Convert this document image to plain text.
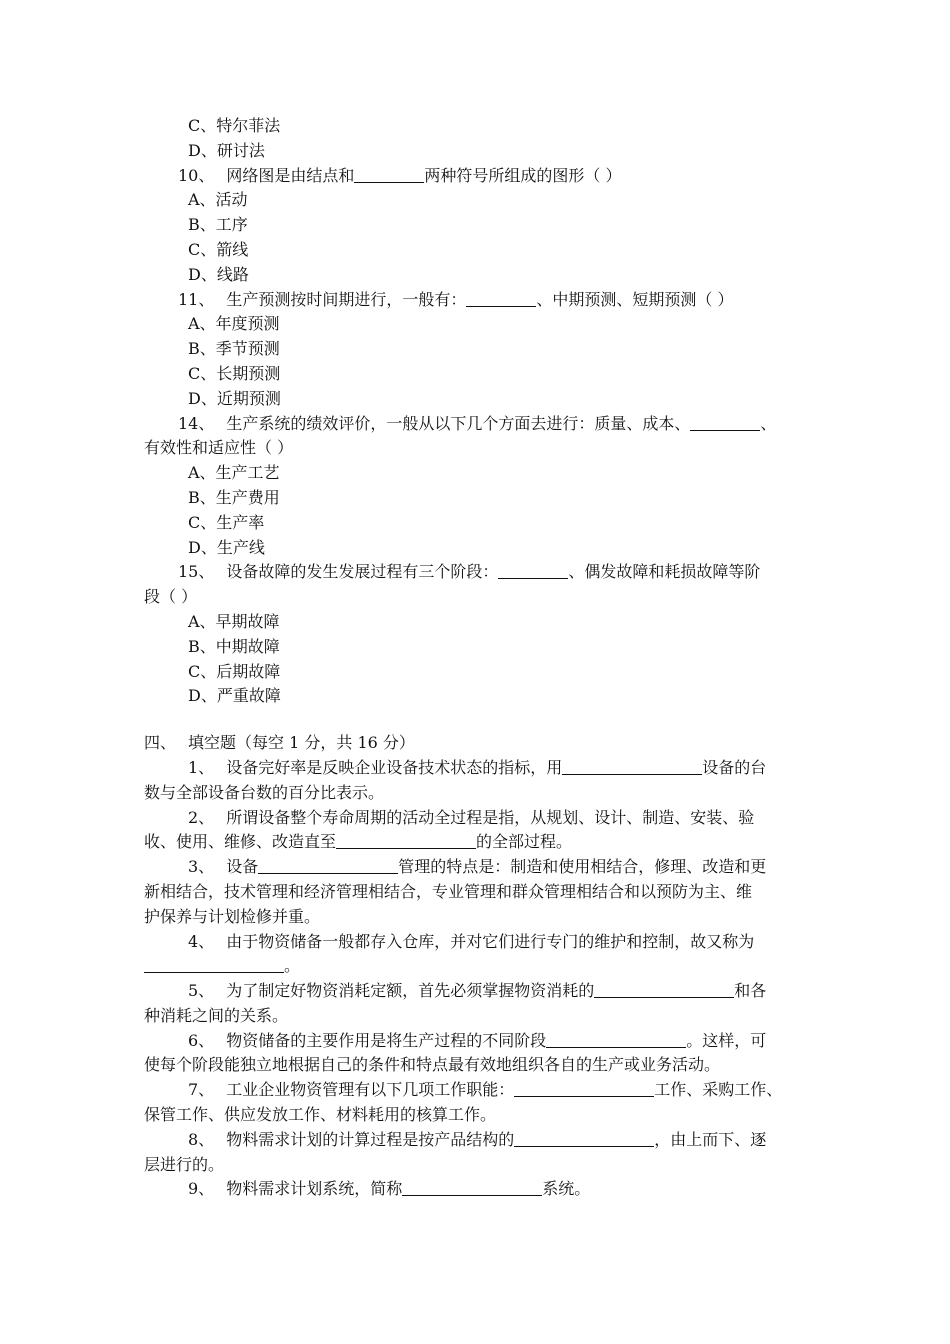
C、特尔菲法
D、研讨法
10、 网络图是由结点和	两种符号所组成的图形（ ）
A、活动
B、工序
C、箭线
D、线路
11、 生产预测按时间期进行，一般有：	、中期预测、短期预测（ ）
A、年度预测
B、季节预测
C、长期预测
D、近期预测
14、 生产系统的绩效评价，一般从以下几个方面去进行：质量、成本、	、
有效性和适应性（ ）
A、生产工艺
B、生产费用
C、生产率
D、生产线
15、 设备故障的发生发展过程有三个阶段：	、偶发故障和耗损故障等阶
段（ ）
A、早期故障
B、中期故障
C、后期故障
D、严重故障
四、 填空题（每空 1 分，共 16 分）
1、 设备完好率是反映企业设备技术状态的指标，用	设备的台
数与全部设备台数的百分比表示。
2、 所谓设备整个寿命周期的活动全过程是指，从规划、设计、制造、安装、验
收、使用、维修、改造直至	的全部过程。
3、 设备	管理的特点是：制造和使用相结合，修理、改造和更
新相结合，技术管理和经济管理相结合，专业管理和群众管理相结合和以预防为主、维
护保养与计划检修并重。
4、 由于物资储备一般都存入仓库，并对它们进行专门的维护和控制，故又称为
。
5、 为了制定好物资消耗定额，首先必须掌握物资消耗的	和各
种消耗之间的关系。
6、 物资储备的主要作用是将生产过程的不同阶段	。这样，可
使每个阶段能独立地根据自己的条件和特点最有效地组织各自的生产或业务活动。
7、 工业企业物资管理有以下几项工作职能：	工作、采购工作、
保管工作、供应发放工作、材料耗用的核算工作。
8、 物料需求计划的计算过程是按产品结构的	，由上而下、逐
层进行的。
9、 物料需求计划系统，简称	系统。
